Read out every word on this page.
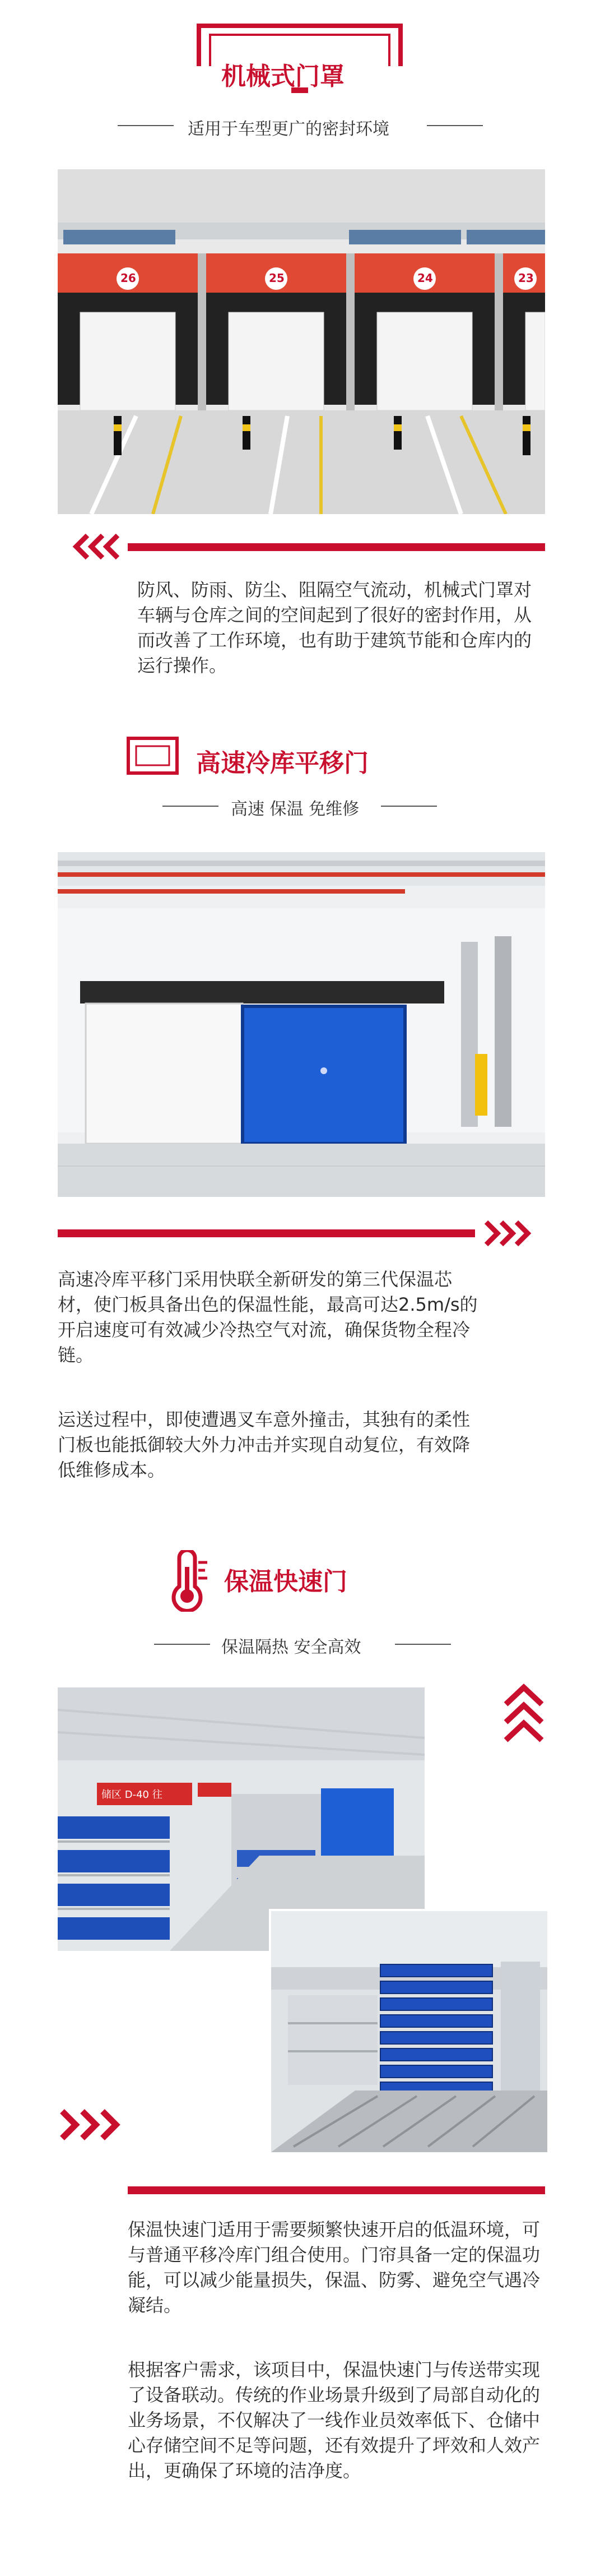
机械式门罩
适用于车型更广的密封环境
26	25	24	23
防风、防雨、防尘、阻隔空气流动，机械式门罩对车辆与仓库之间的空间起到了很好的密封作用，从而改善了工作环境，也有助于建筑节能和仓库内的运行操作。
高速冷库平移门
高速 保温 免维修
高速冷库平移门采用快联全新研发的第三代保温芯材，使门板具备出色的保温性能，最高可达2.5m/s的开启速度可有效减少冷热空气对流，确保货物全程冷链。
运送过程中，即使遭遇叉车意外撞击，其独有的柔性门板也能抵御较大外力冲击并实现自动复位，有效降低维修成本。
保温快速门
保温隔热 安全高效
储区 D-40 往
保温快速门适用于需要频繁快速开启的低温环境，可与普通平移冷库门组合使用。门帘具备一定的保温功能，可以减少能量损失，保温、防雾、避免空气遇冷凝结。
根据客户需求，该项目中，保温快速门与传送带实现了设备联动。传统的作业场景升级到了局部自动化的业务场景，不仅解决了一线作业员效率低下、仓储中心存储空间不足等问题，还有效提升了坪效和人效产出，更确保了环境的洁净度。
